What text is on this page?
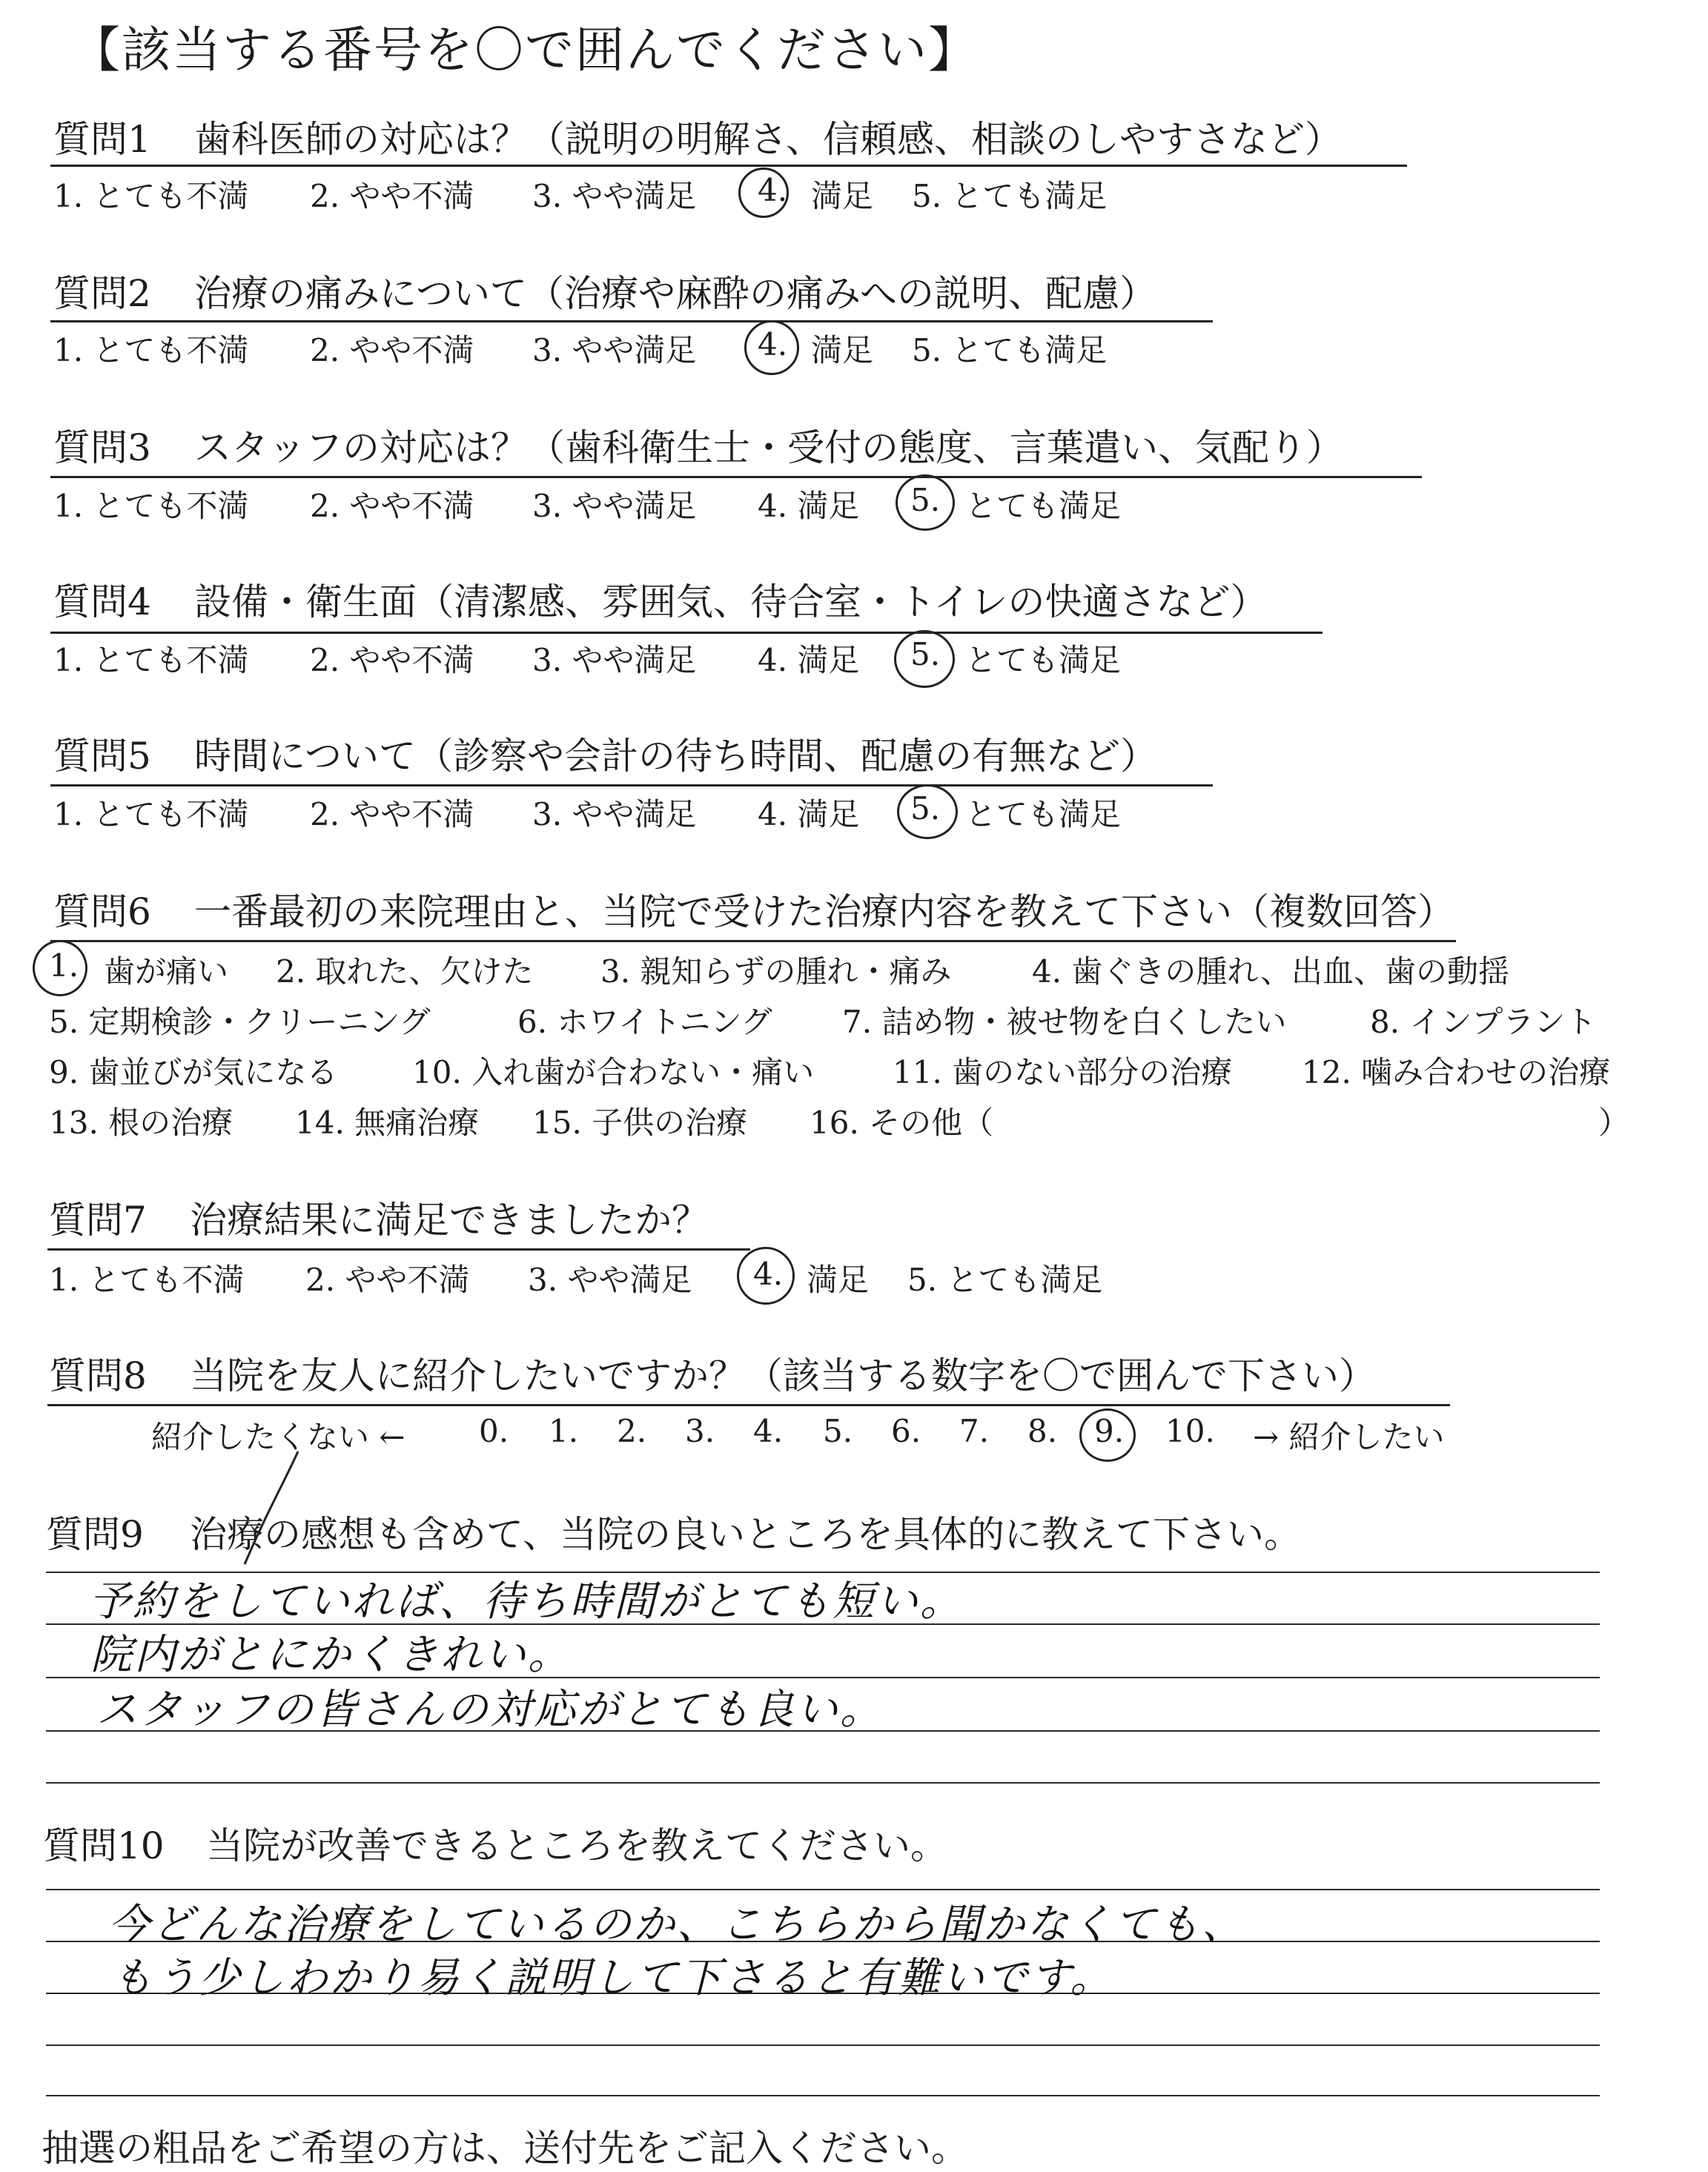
【該当する番号を〇で囲んでください】
質問1 歯科医師の対応は？（説明の明解さ、信頼感、相談のしやすさなど）
1. とても不満 2. やや不満 3. やや満足 4. 満足 5. とても満足
質問2 治療の痛みについて（治療や麻酔の痛みへの説明、配慮）
1. とても不満 2. やや不満 3. やや満足 4. 満足 5. とても満足
質問3 スタッフの対応は？（歯科衛生士・受付の態度、言葉遣い、気配り）
1. とても不満 2. やや不満 3. やや満足 4. 満足 5. とても満足
質問4 設備・衛生面（清潔感、雰囲気、待合室・トイレの快適さなど）
1. とても不満 2. やや不満 3. やや満足 4. 満足 5. とても満足
質問5 時間について（診察や会計の待ち時間、配慮の有無など）
1. とても不満 2. やや不満 3. やや満足 4. 満足 5. とても満足
質問6 一番最初の来院理由と、当院で受けた治療内容を教えて下さい（複数回答）
1. 歯が痛い 2. 取れた、欠けた 3. 親知らずの腫れ・痛み	4. 歯ぐきの腫れ、出血、歯の動揺
5. 定期検診・クリーニング	6. ホワイトニング 7. 詰め物・被せ物を白くしたい	8. インプラント
9. 歯並びが気になる 10. 入れ歯が合わない・痛い	11. 歯のない部分の治療 12. 噛み合わせの治療
13. 根の治療 14. 無痛治療 15. 子供の治療 16. その他（	）
質問7 治療結果に満足できましたか？
1. とても不満 2. やや不満 3. やや満足 4. 満足 5. とても満足
質問8 当院を友人に紹介したいですか？（該当する数字を〇で囲んで下さい）
紹介したくない ← 0. 1. 2. 3. 4. 5. 6. 7. 8. 9. 10. → 紹介したい
質問9 治療の感想も含めて、当院の良いところを具体的に教えて下さい。
予約をしていれば、待ち時間がとても短い。
院内がとにかくきれい。
スタッフの皆さんの対応がとても良い。
質問10 当院が改善できるところを教えてください。
今どんな治療をしているのか、こちらから聞かなくても、
もう少しわかり易く説明して下さると有難いです。
抽選の粗品をご希望の方は、送付先をご記入ください。
